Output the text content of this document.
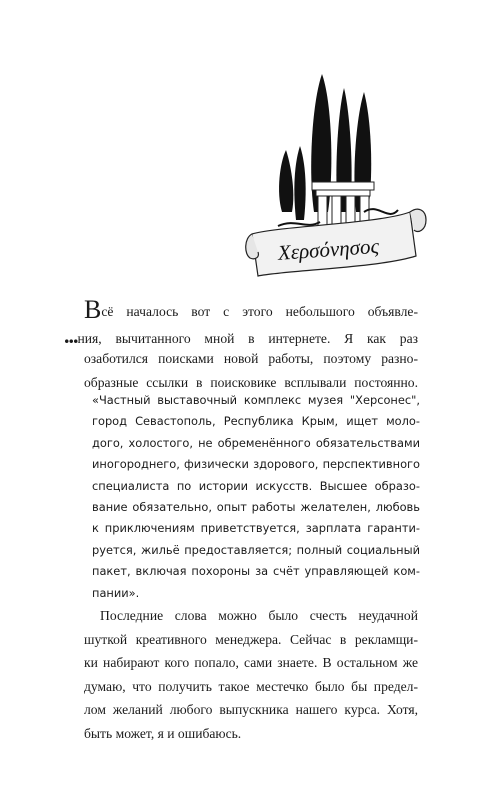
Χερσόνησος
Всё началось вот с этого небольшого объявле-
...ния, вычитанного мной в интернете. Я как раз
озаботился поисками новой работы, поэтому разно-
образные ссылки в поисковике всплывали постоянно.
«Частный выставочный комплекс музея "Херсонес",
город Севастополь, Республика Крым, ищет моло-
дого, холостого, не обременённого обязательствами
иногороднего, физически здорового, перспективного
специалиста по истории искусств. Высшее образо-
вание обязательно, опыт работы желателен, любовь
к приключениям приветствуется, зарплата гаранти-
руется, жильё предоставляется; полный социальный
пакет, включая похороны за счёт управляющей ком-
пании».
Последние слова можно было счесть неудачной
шуткой креативного менеджера. Сейчас в рекламщи-
ки набирают кого попало, сами знаете. В остальном же
думаю, что получить такое местечко было бы предел-
лом желаний любого выпускника нашего курса. Хотя,
быть может, я и ошибаюсь.
